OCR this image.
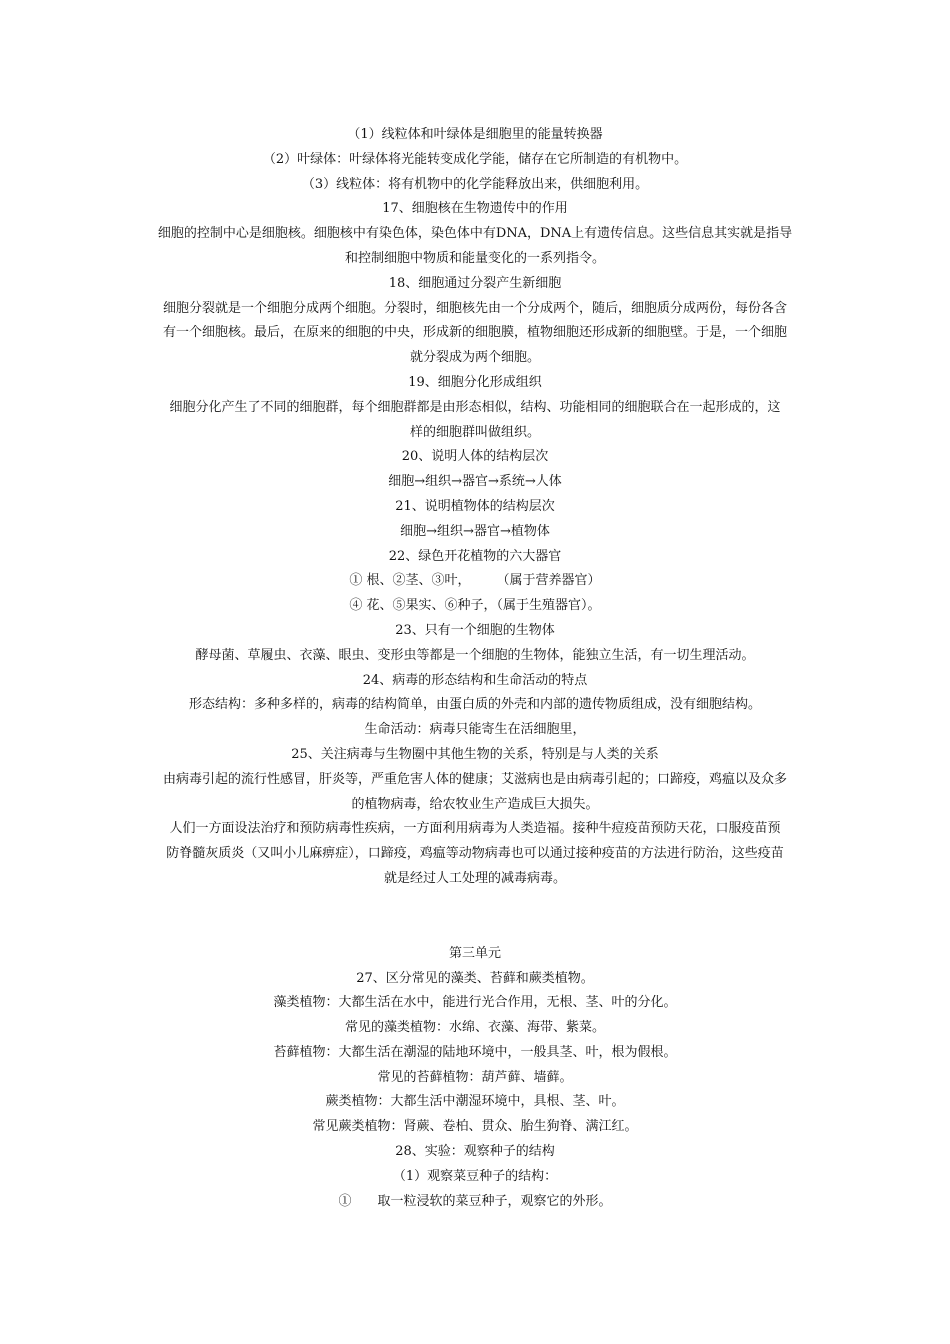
（1）线粒体和叶绿体是细胞里的能量转换器
（2）叶绿体：叶绿体将光能转变成化学能，储存在它所制造的有机物中。
（3）线粒体：将有机物中的化学能释放出来，供细胞利用。
17、细胞核在生物遗传中的作用
细胞的控制中心是细胞核。细胞核中有染色体，染色体中有DNA，DNA上有遗传信息。这些信息其实就是指导
和控制细胞中物质和能量变化的一系列指令。
18、细胞通过分裂产生新细胞
细胞分裂就是一个细胞分成两个细胞。分裂时，细胞核先由一个分成两个，随后，细胞质分成两份，每份各含
有一个细胞核。最后，在原来的细胞的中央，形成新的细胞膜，植物细胞还形成新的细胞壁。于是，一个细胞
就分裂成为两个细胞。
19、细胞分化形成组织
细胞分化产生了不同的细胞群，每个细胞群都是由形态相似，结构、功能相同的细胞联合在一起形成的，这
样的细胞群叫做组织。
20、说明人体的结构层次
细胞→组织→器官→系统→人体
21、说明植物体的结构层次
细胞→组织→器官→植物体
22、绿色开花植物的六大器官
① 根、②茎、③叶，　　　（属于营养器官）
④ 花、⑤果实、⑥种子，（属于生殖器官）。
23、只有一个细胞的生物体
酵母菌、草履虫、衣藻、眼虫、变形虫等都是一个细胞的生物体，能独立生活，有一切生理活动。
24、病毒的形态结构和生命活动的特点
形态结构：多种多样的，病毒的结构简单，由蛋白质的外壳和内部的遗传物质组成，没有细胞结构。
生命活动：病毒只能寄生在活细胞里，
25、关注病毒与生物圈中其他生物的关系，特别是与人类的关系
由病毒引起的流行性感冒，肝炎等，严重危害人体的健康；艾滋病也是由病毒引起的；口蹄疫，鸡瘟以及众多
的植物病毒，给农牧业生产造成巨大损失。
人们一方面设法治疗和预防病毒性疾病，一方面利用病毒为人类造福。接种牛痘疫苗预防天花，口服疫苗预
防脊髓灰质炎（又叫小儿麻痹症），口蹄疫，鸡瘟等动物病毒也可以通过接种疫苗的方法进行防治，这些疫苗
就是经过人工处理的减毒病毒。
第三单元
27、区分常见的藻类、苔藓和蕨类植物。
藻类植物：大都生活在水中，能进行光合作用，无根、茎、叶的分化。
常见的藻类植物：水绵、衣藻、海带、紫菜。
苔藓植物：大都生活在潮湿的陆地环境中，一般具茎、叶，根为假根。
常见的苔藓植物：葫芦藓、墙藓。
蕨类植物：大都生活中潮湿环境中，具根、茎、叶。
常见蕨类植物：肾蕨、卷柏、贯众、胎生狗脊、满江红。
28、实验：观察种子的结构
（1）观察菜豆种子的结构：
①　　取一粒浸软的菜豆种子，观察它的外形。
